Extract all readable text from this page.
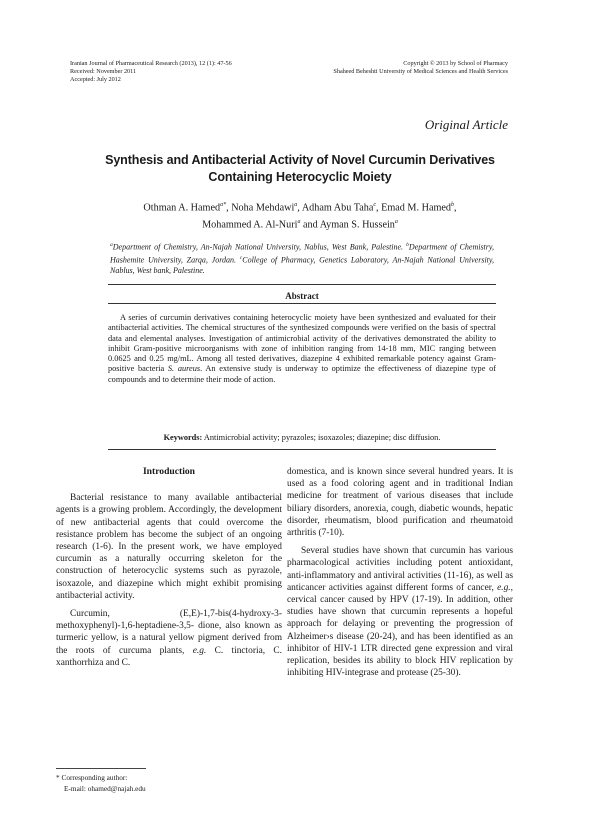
Iranian Journal of Pharmaceutical Research (2013), 12 (1): 47-56
Received: November 2011
Accepted: July 2012
Copyright © 2013 by School of Pharmacy
Shaheed Beheshti University of Medical Sciences and Health Services
Original Article
Synthesis and Antibacterial Activity of Novel Curcumin Derivatives
Containing Heterocyclic Moiety
Othman A. Hamed$^{a*}$, Noha Mehdawi$^a$, Adham Abu Taha$^c$, Emad M. Hamed$^b$,
Mohammed A. Al-Nuri$^a$ and Ayman S. Hussein$^a$
$^a$Department of Chemistry, An-Najah National University, Nablus, West Bank, Palestine. $^b$Department of Chemistry, Hashemite University, Zarqa, Jordan. $^c$College of Pharmacy, Genetics Laboratory, An-Najah National University, Nablus, West bank, Palestine.
Abstract
A series of curcumin derivatives containing heterocyclic moiety have been synthesized and evaluated for their antibacterial activities. The chemical structures of the synthesized compounds were verified on the basis of spectral data and elemental analyses. Investigation of antimicrobial activity of the derivatives demonstrated the ability to inhibit Gram-positive microorganisms with zone of inhibition ranging from 14-18 mm, MIC ranging between 0.0625 and 0.25 mg/mL. Among all tested derivatives, diazepine 4 exhibited remarkable potency against Gram-positive bacteria S. aureus. An extensive study is underway to optimize the effectiveness of diazepine type of compounds and to determine their mode of action.
Keywords: Antimicrobial activity; pyrazoles; isoxazoles; diazepine; disc diffusion.
Introduction

Bacterial resistance to many available antibacterial agents is a growing problem. Accordingly, the development of new antibacterial agents that could overcome the resistance problem has become the subject of an ongoing research (1-6). In the present work, we have employed curcumin as a naturally occurring skeleton for the construction of heterocyclic systems such as pyrazole, isoxazole, and diazepine which might exhibit promising antibacterial activity.

Curcumin, (E,E)-1,7-bis(4-hydroxy-3-methoxyphenyl)-1,6-heptadiene-3,5- dione, also known as turmeric yellow, is a natural yellow pigment derived from the roots of curcuma plants, e.g. C. tinctoria, C. xanthorrhiza and C.

domestica, and is known since several hundred years. It is used as a food coloring agent and in traditional Indian medicine for treatment of various diseases that include biliary disorders, anorexia, cough, diabetic wounds, hepatic disorder, rheumatism, blood purification and rheumatoid arthritis (7-10).

Several studies have shown that curcumin has various pharmacological activities including potent antioxidant, anti-inflammatory and antiviral activities (11-16), as well as anticancer activities against different forms of cancer, e.g., cervical cancer caused by HPV (17-19). In addition, other studies have shown that curcumin represents a hopeful approach for delaying or preventing the progression of Alzheimer›s disease (20-24), and has been identified as an inhibitor of HIV-1 LTR directed gene expression and viral replication, besides its ability to block HIV replication by inhibiting HIV-integrase and protease (25-30).

* Corresponding author:
E-mail: ohamed@najah.edu
